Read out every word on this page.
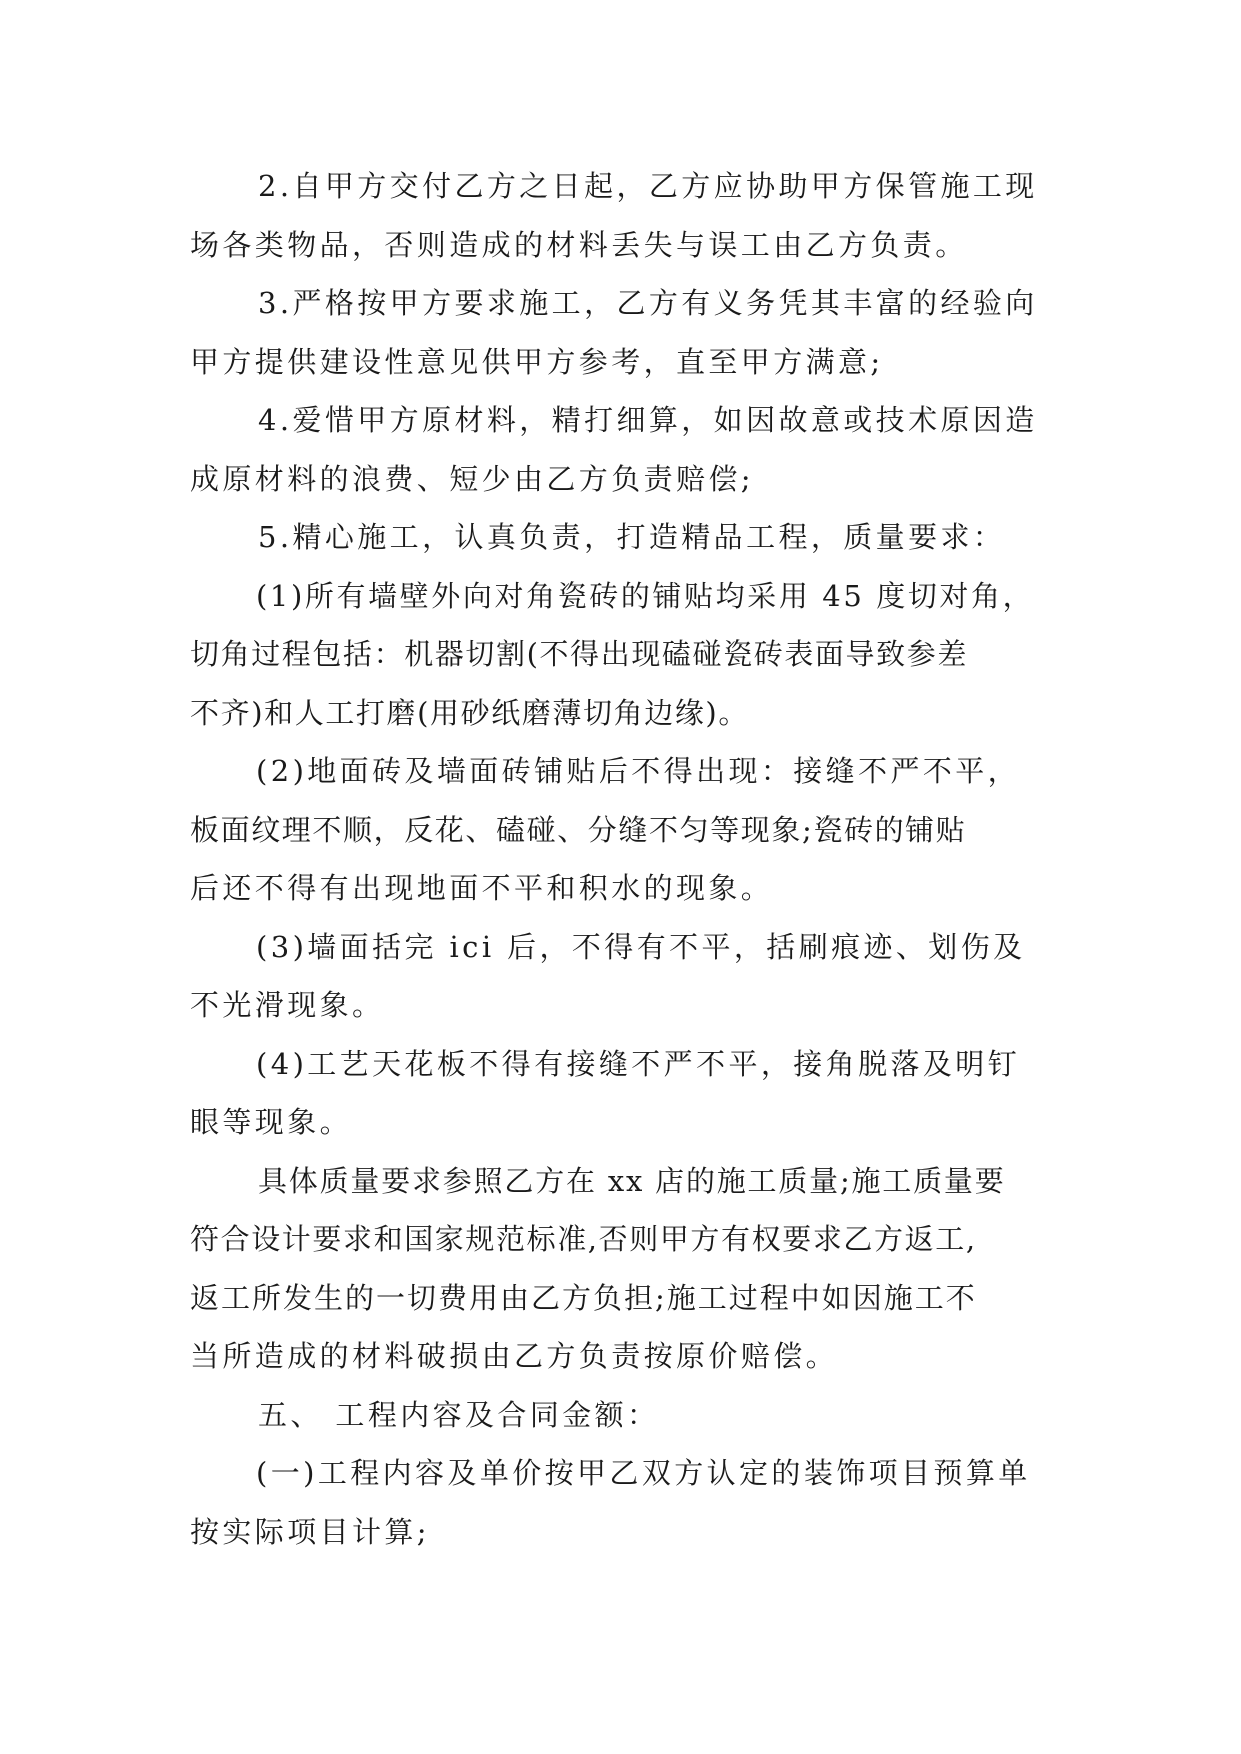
2.自甲方交付乙方之日起，乙方应协助甲方保管施工现
场各类物品，否则造成的材料丢失与误工由乙方负责。
3.严格按甲方要求施工，乙方有义务凭其丰富的经验向
甲方提供建设性意见供甲方参考，直至甲方满意;
4.爱惜甲方原材料，精打细算，如因故意或技术原因造
成原材料的浪费、短少由乙方负责赔偿;
5.精心施工，认真负责，打造精品工程，质量要求：
(1)所有墙壁外向对角瓷砖的铺贴均采用 45 度切对角，
切角过程包括：机器切割(不得出现磕碰瓷砖表面导致参差
不齐)和人工打磨(用砂纸磨薄切角边缘)。
(2)地面砖及墙面砖铺贴后不得出现：接缝不严不平，
板面纹理不顺，反花、磕碰、分缝不匀等现象;瓷砖的铺贴
后还不得有出现地面不平和积水的现象。
(3)墙面括完 ici 后，不得有不平，括刷痕迹、划伤及
不光滑现象。
(4)工艺天花板不得有接缝不严不平，接角脱落及明钉
眼等现象。
具体质量要求参照乙方在 xx 店的施工质量;施工质量要
符合设计要求和国家规范标准,否则甲方有权要求乙方返工,
返工所发生的一切费用由乙方负担;施工过程中如因施工不
当所造成的材料破损由乙方负责按原价赔偿。
五、 工程内容及合同金额：
(一)工程内容及单价按甲乙双方认定的装饰项目预算单
按实际项目计算;
